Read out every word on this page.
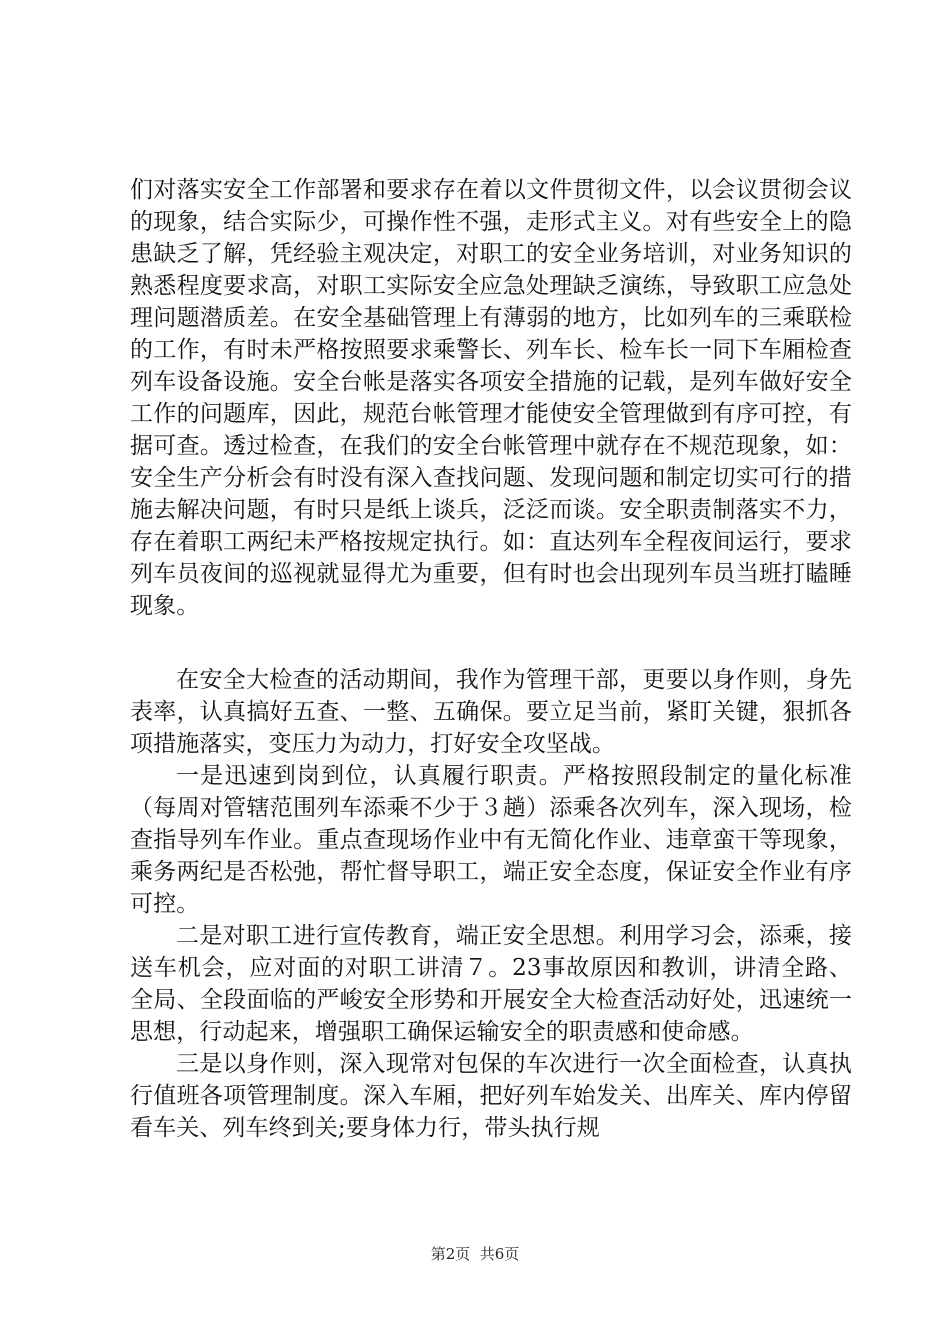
们对落实安全工作部署和要求存在着以文件贯彻文件，以会议贯彻会议的现象，结合实际少，可操作性不强，走形式主义。对有些安全上的隐患缺乏了解，凭经验主观决定，对职工的安全业务培训，对业务知识的熟悉程度要求高，对职工实际安全应急处理缺乏演练，导致职工应急处理问题潜质差。在安全基础管理上有薄弱的地方，比如列车的三乘联检的工作，有时未严格按照要求乘警长、列车长、检车长一同下车厢检查列车设备设施。安全台帐是落实各项安全措施的记载，是列车做好安全工作的问题库，因此，规范台帐管理才能使安全管理做到有序可控，有据可查。透过检查，在我们的安全台帐管理中就存在不规范现象，如：安全生产分析会有时没有深入查找问题、发现问题和制定切实可行的措施去解决问题，有时只是纸上谈兵，泛泛而谈。安全职责制落实不力，存在着职工两纪未严格按规定执行。如：直达列车全程夜间运行，要求列车员夜间的巡视就显得尤为重要，但有时也会出现列车员当班打瞌睡现象。

在安全大检查的活动期间，我作为管理干部，更要以身作则，身先表率，认真搞好五查、一整、五确保。要立足当前，紧盯关键，狠抓各项措施落实，变压力为动力，打好安全攻坚战。

一是迅速到岗到位，认真履行职责。严格按照段制定的量化标准（每周对管辖范围列车添乘不少于３趟）添乘各次列车，深入现场，检查指导列车作业。重点查现场作业中有无简化作业、违章蛮干等现象，乘务两纪是否松弛，帮忙督导职工，端正安全态度，保证安全作业有序可控。

二是对职工进行宣传教育，端正安全思想。利用学习会，添乘，接送车机会，应对面的对职工讲清７。23事故原因和教训，讲清全路、全局、全段面临的严峻安全形势和开展安全大检查活动好处，迅速统一思想，行动起来，增强职工确保运输安全的职责感和使命感。

三是以身作则，深入现常对包保的车次进行一次全面检查，认真执行值班各项管理制度。深入车厢，把好列车始发关、出库关、库内停留看车关、列车终到关;要身体力行，带头执行规

第2页  共6页
